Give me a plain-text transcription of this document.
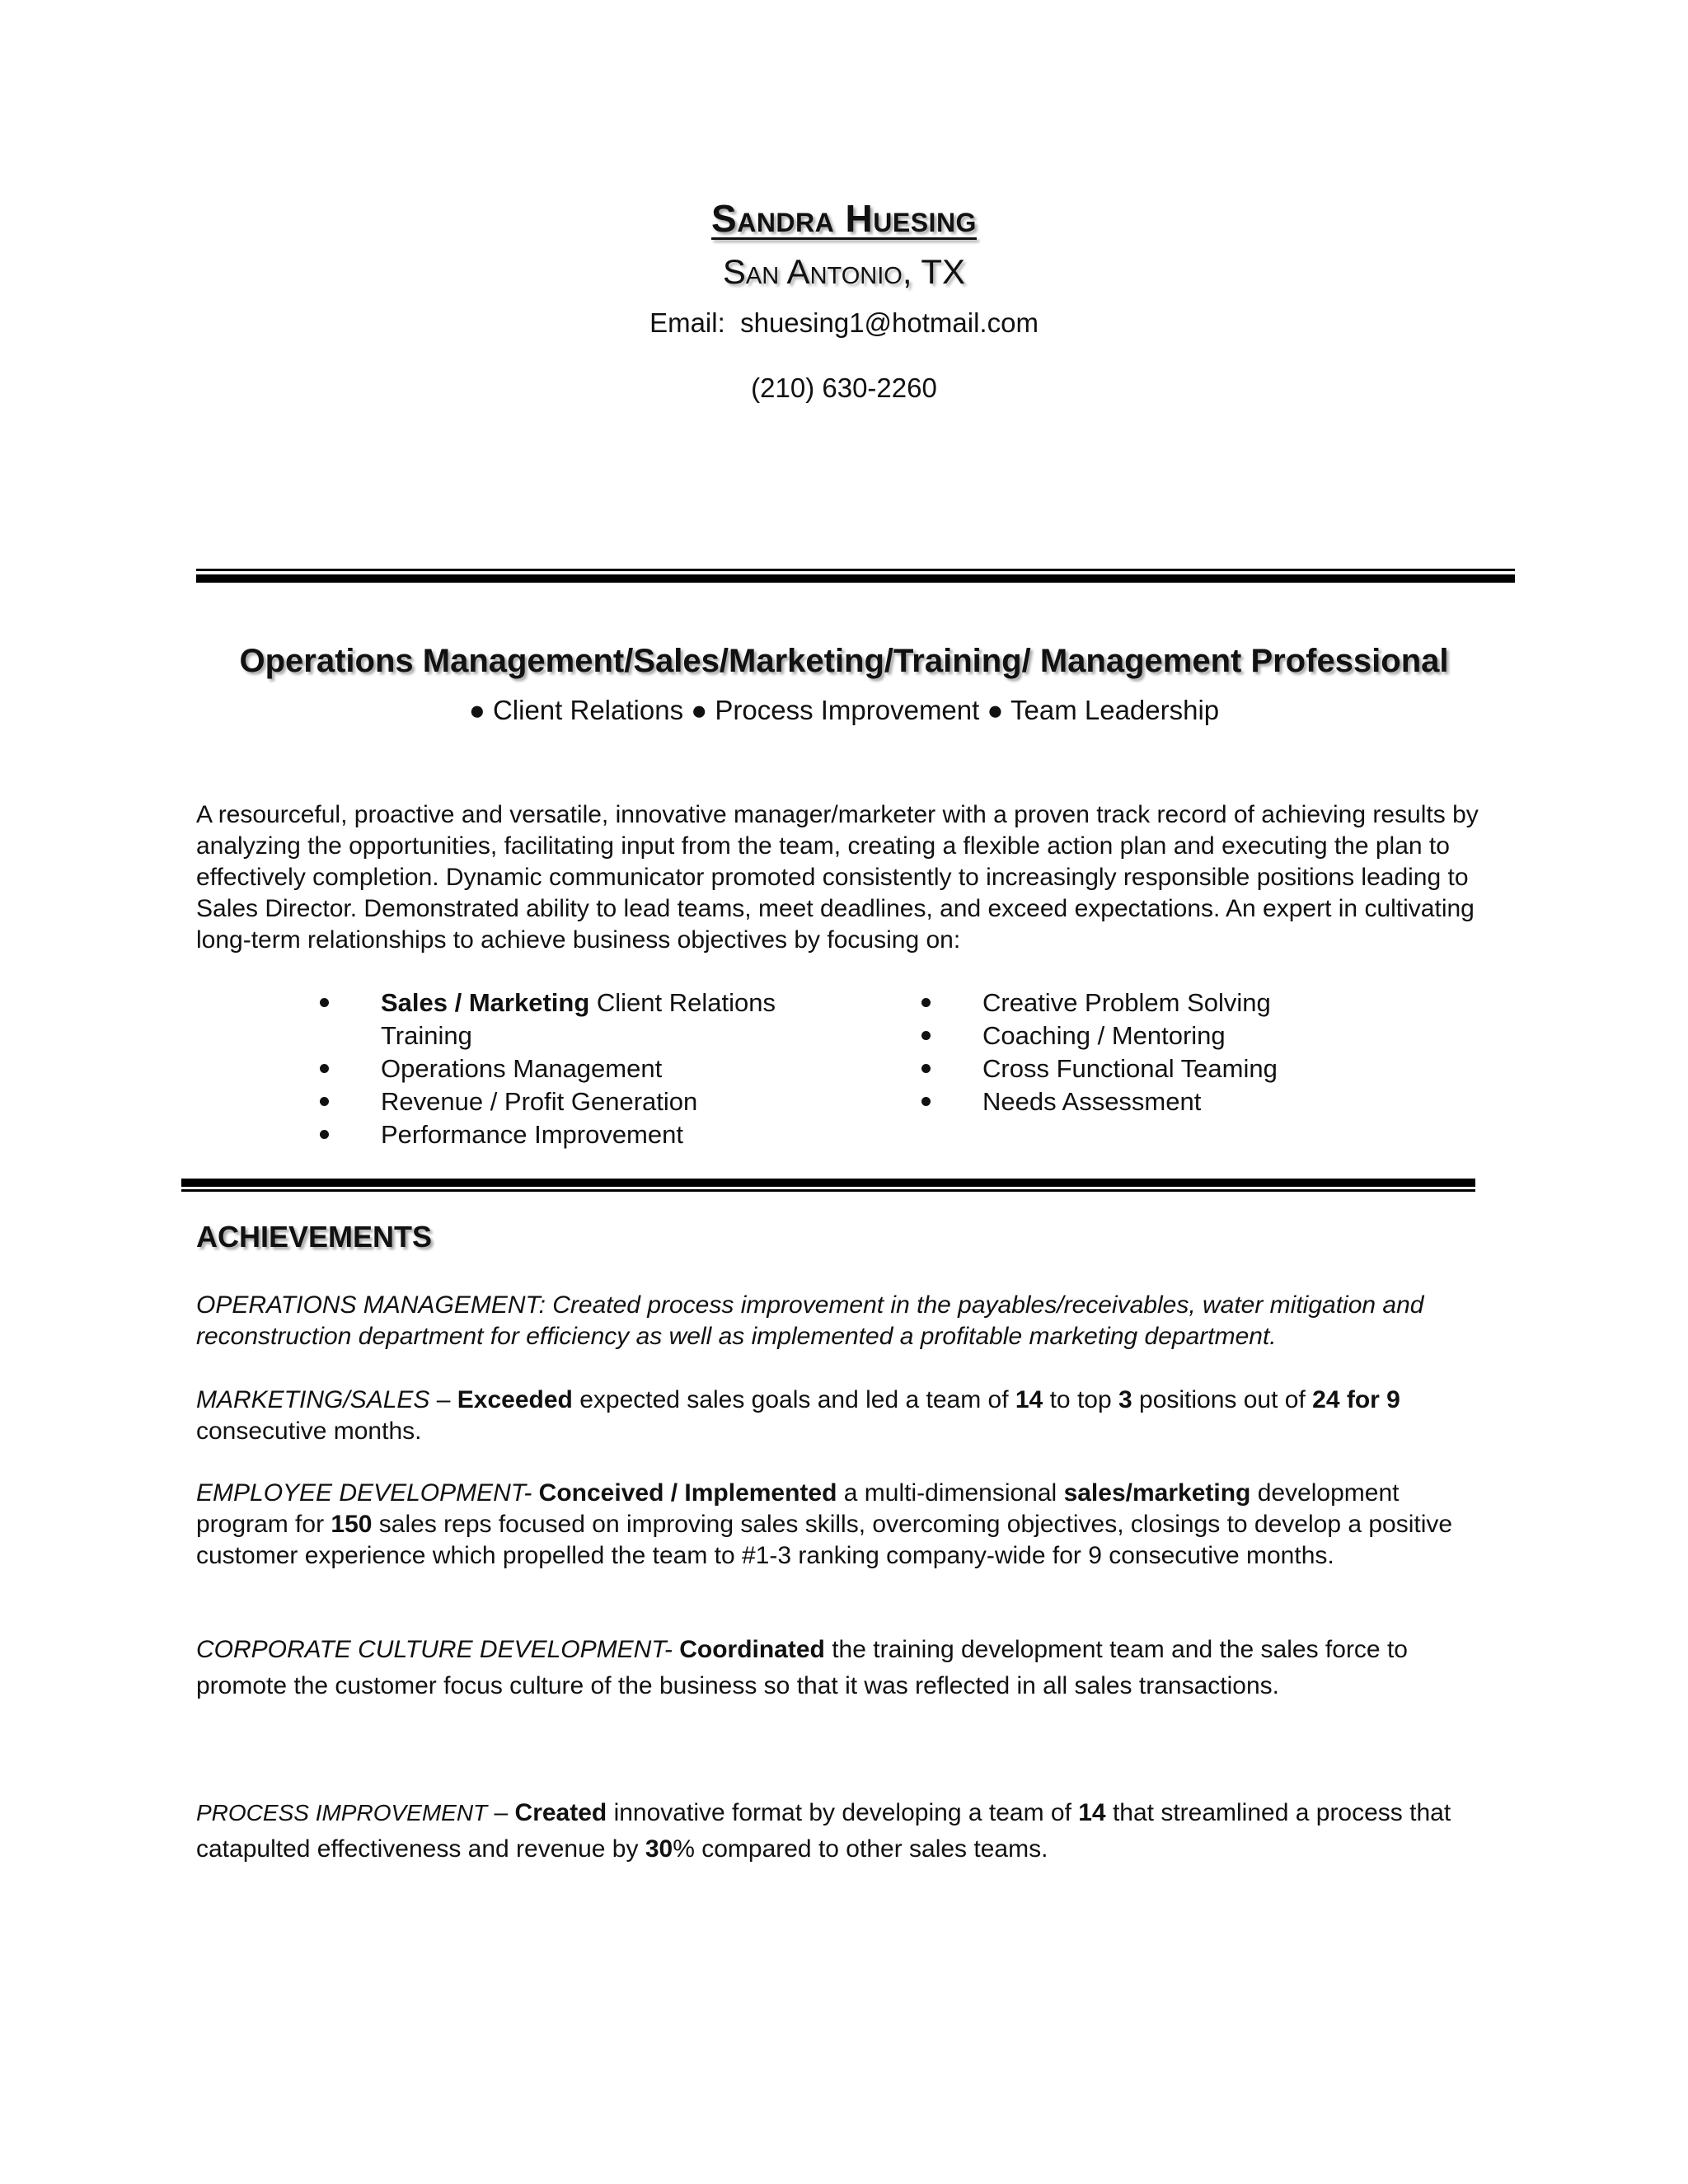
Sandra Huesing
San Antonio, TX
Email: shuesing1@hotmail.com
(210) 630-2260
Operations Management/Sales/Marketing/Training/ Management Professional
● Client Relations ● Process Improvement ● Team Leadership
A resourceful, proactive and versatile, innovative manager/marketer with a proven track record of achieving results by analyzing the opportunities, facilitating input from the team, creating a flexible action plan and executing the plan to effectively completion. Dynamic communicator promoted consistently to increasingly responsible positions leading to Sales Director. Demonstrated ability to lead teams, meet deadlines, and exceed expectations. An expert in cultivating long-term relationships to achieve business objectives by focusing on:
Sales / Marketing Client Relations Training
Operations Management
Revenue / Profit Generation
Performance Improvement
Creative Problem Solving
Coaching / Mentoring
Cross Functional Teaming
Needs Assessment
ACHIEVEMENTS
OPERATIONS MANAGEMENT: Created process improvement in the payables/receivables, water mitigation and reconstruction department for efficiency as well as implemented a profitable marketing department.
MARKETING/SALES – Exceeded expected sales goals and led a team of 14 to top 3 positions out of 24 for 9 consecutive months.
EMPLOYEE DEVELOPMENT- Conceived / Implemented a multi-dimensional sales/marketing development program for 150 sales reps focused on improving sales skills, overcoming objectives, closings to develop a positive customer experience which propelled the team to #1-3 ranking company-wide for 9 consecutive months.
CORPORATE CULTURE DEVELOPMENT- Coordinated the training development team and the sales force to promote the customer focus culture of the business so that it was reflected in all sales transactions.
PROCESS IMPROVEMENT – Created innovative format by developing a team of 14 that streamlined a process that catapulted effectiveness and revenue by 30% compared to other sales teams.
